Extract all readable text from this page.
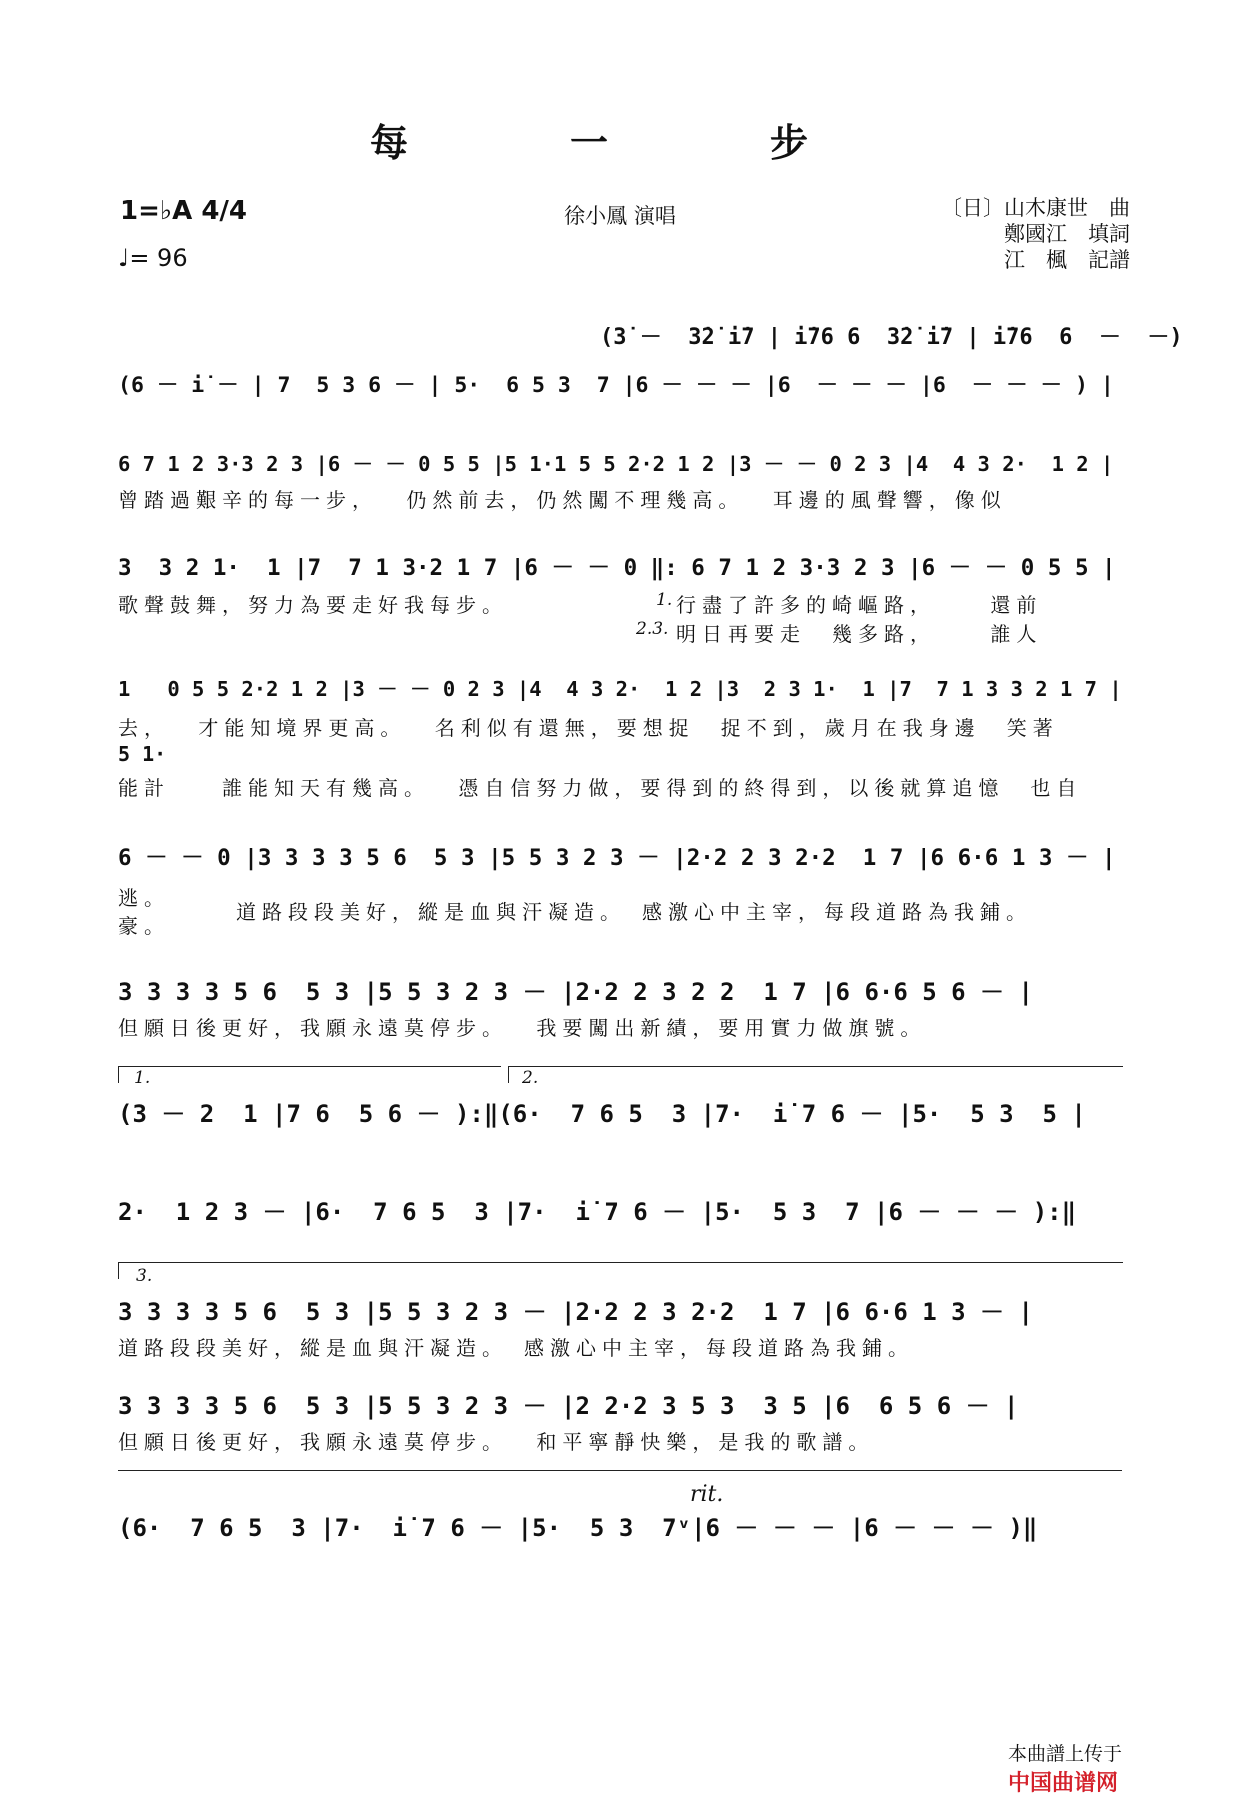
每　一　步
1=♭A 4/4
♩= 96
徐小鳳 演唱	〔日〕山木康世　曲
鄭國江　填詞
江　楓　記譜
(3̇ －  3̇2̇ i̇7 | i̇76 6  3̇2̇ i̇7 | i̇76  6  －  －)
(6 － i̇ － | 7  5 3 6 － | 5·  6 5 3  7 |6 － － － |6  － － － |6  － － － ) |
6 7 1 2 3·3 2 3 |6 － － 0 5 5 |5 1·1 5 5 2·2 1 2 |3 － － 0 2 3 |4  4 3 2·  1 2 |
曾踏過艱辛的每一步，　 仍然前去，仍然闖不理幾高。　 耳邊的風聲響，像似
3  3 2 1·  1 |7  7 1 3·2 1 7 |6 － － 0 ‖: 6 7 1 2 3·3 2 3 |6 － － 0 5 5 |
歌聲鼓舞，努力為要走好我每步。	1. 行盡了許多的崎嶇路，　　 還前
2.3. 明日再要走　幾多路，　　 誰人
1   0 5 5 2·2 1 2 |3 － － 0 2 3 |4  4 3 2·  1 2 |3  2 3 1·  1 |7  7 1 3 3 2 1 7 |
去，　 才能知境界更高。　 名利似有還無，要想捉　捉不到，歲月在我身邊　笑著
5 1·
能計　　誰能知天有幾高。　 憑自信努力做，要得到的終得到，以後就算追憶　也自
6 － － 0 |3 3 3 3 5 6  5 3 |5 5 3 2 3 － |2·2 2 3 2·2  1 7 |6 6·6 1 3 － |
逃。
豪。
道路段段美好，縱是血與汗凝造。　感激心中主宰，每段道路為我鋪。
3 3 3 3 5 6  5 3 |5 5 3 2 3 － |2·2 2 3 2 2  1 7 |6 6·6 5 6 － |
但願日後更好，我願永遠莫停步。　 我要闖出新績，要用實力做旗號。
1.	2.
(3 － 2  1 |7 6  5 6 － ):‖(6·  7 6 5  3 |7·  i̇ 7 6 － |5·  5 3  5 |
2·  1 2 3 － |6·  7 6 5  3 |7·  i̇ 7 6 － |5·  5 3  7 |6 － － － ):‖
3.
3 3 3 3 5 6  5 3 |5 5 3 2 3 － |2·2 2 3 2·2  1 7 |6 6·6 1 3 － |
道路段段美好，縱是血與汗凝造。　感激心中主宰，每段道路為我鋪。
3 3 3 3 5 6  5 3 |5 5 3 2 3 － |2 2·2 3 5 3  3 5 |6  6 5 6 － |
但願日後更好，我願永遠莫停步。　 和平寧靜快樂，是我的歌譜。
rit.
(6·  7 6 5  3 |7·  i̇ 7 6 － |5·  5 3  7ᵛ|6 － － － |6 － － － )‖

本曲譜上传于
中国曲谱网
